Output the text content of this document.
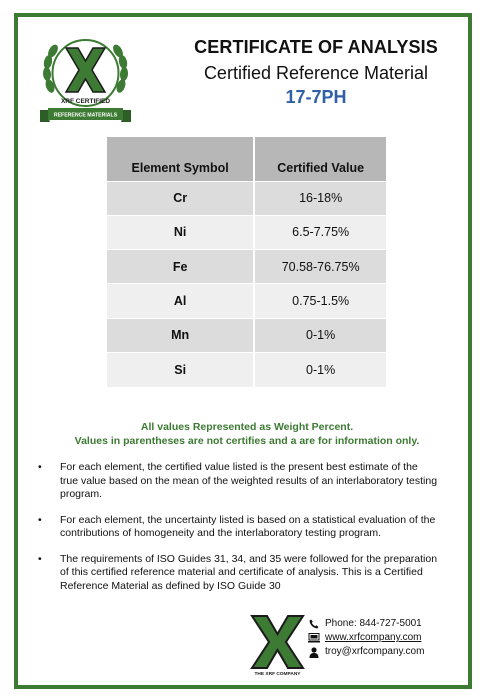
XRF CERTIFIED
REFERENCE MATERIALS
CERTIFICATE OF ANALYSIS
Certified Reference Material
17-7PH
Element Symbol	Certified Value
Cr	16-18%
Ni	6.5-7.75%
Fe	70.58-76.75%
Al	0.75-1.5%
Mn	0-1%
Si	0-1%
All values Represented as Weight Percent.
Values in parentheses are not certifies and a are for information only.
• For each element, the certified value listed is the present best estimate of the true value based on the mean of the weighted results of an interlaboratory testing program.
• For each element, the uncertainty listed is based on a statistical evaluation of the contributions of homogeneity and the interlaboratory testing program.
• The requirements of ISO Guides 31, 34, and 35 were followed for the preparation of this certified reference material and certificate of analysis. This is a Certified Reference Material as defined by ISO Guide 30
THE XRF COMPANY
Phone: 844-727-5001
www.xrfcompany.com
troy@xrfcompany.com
